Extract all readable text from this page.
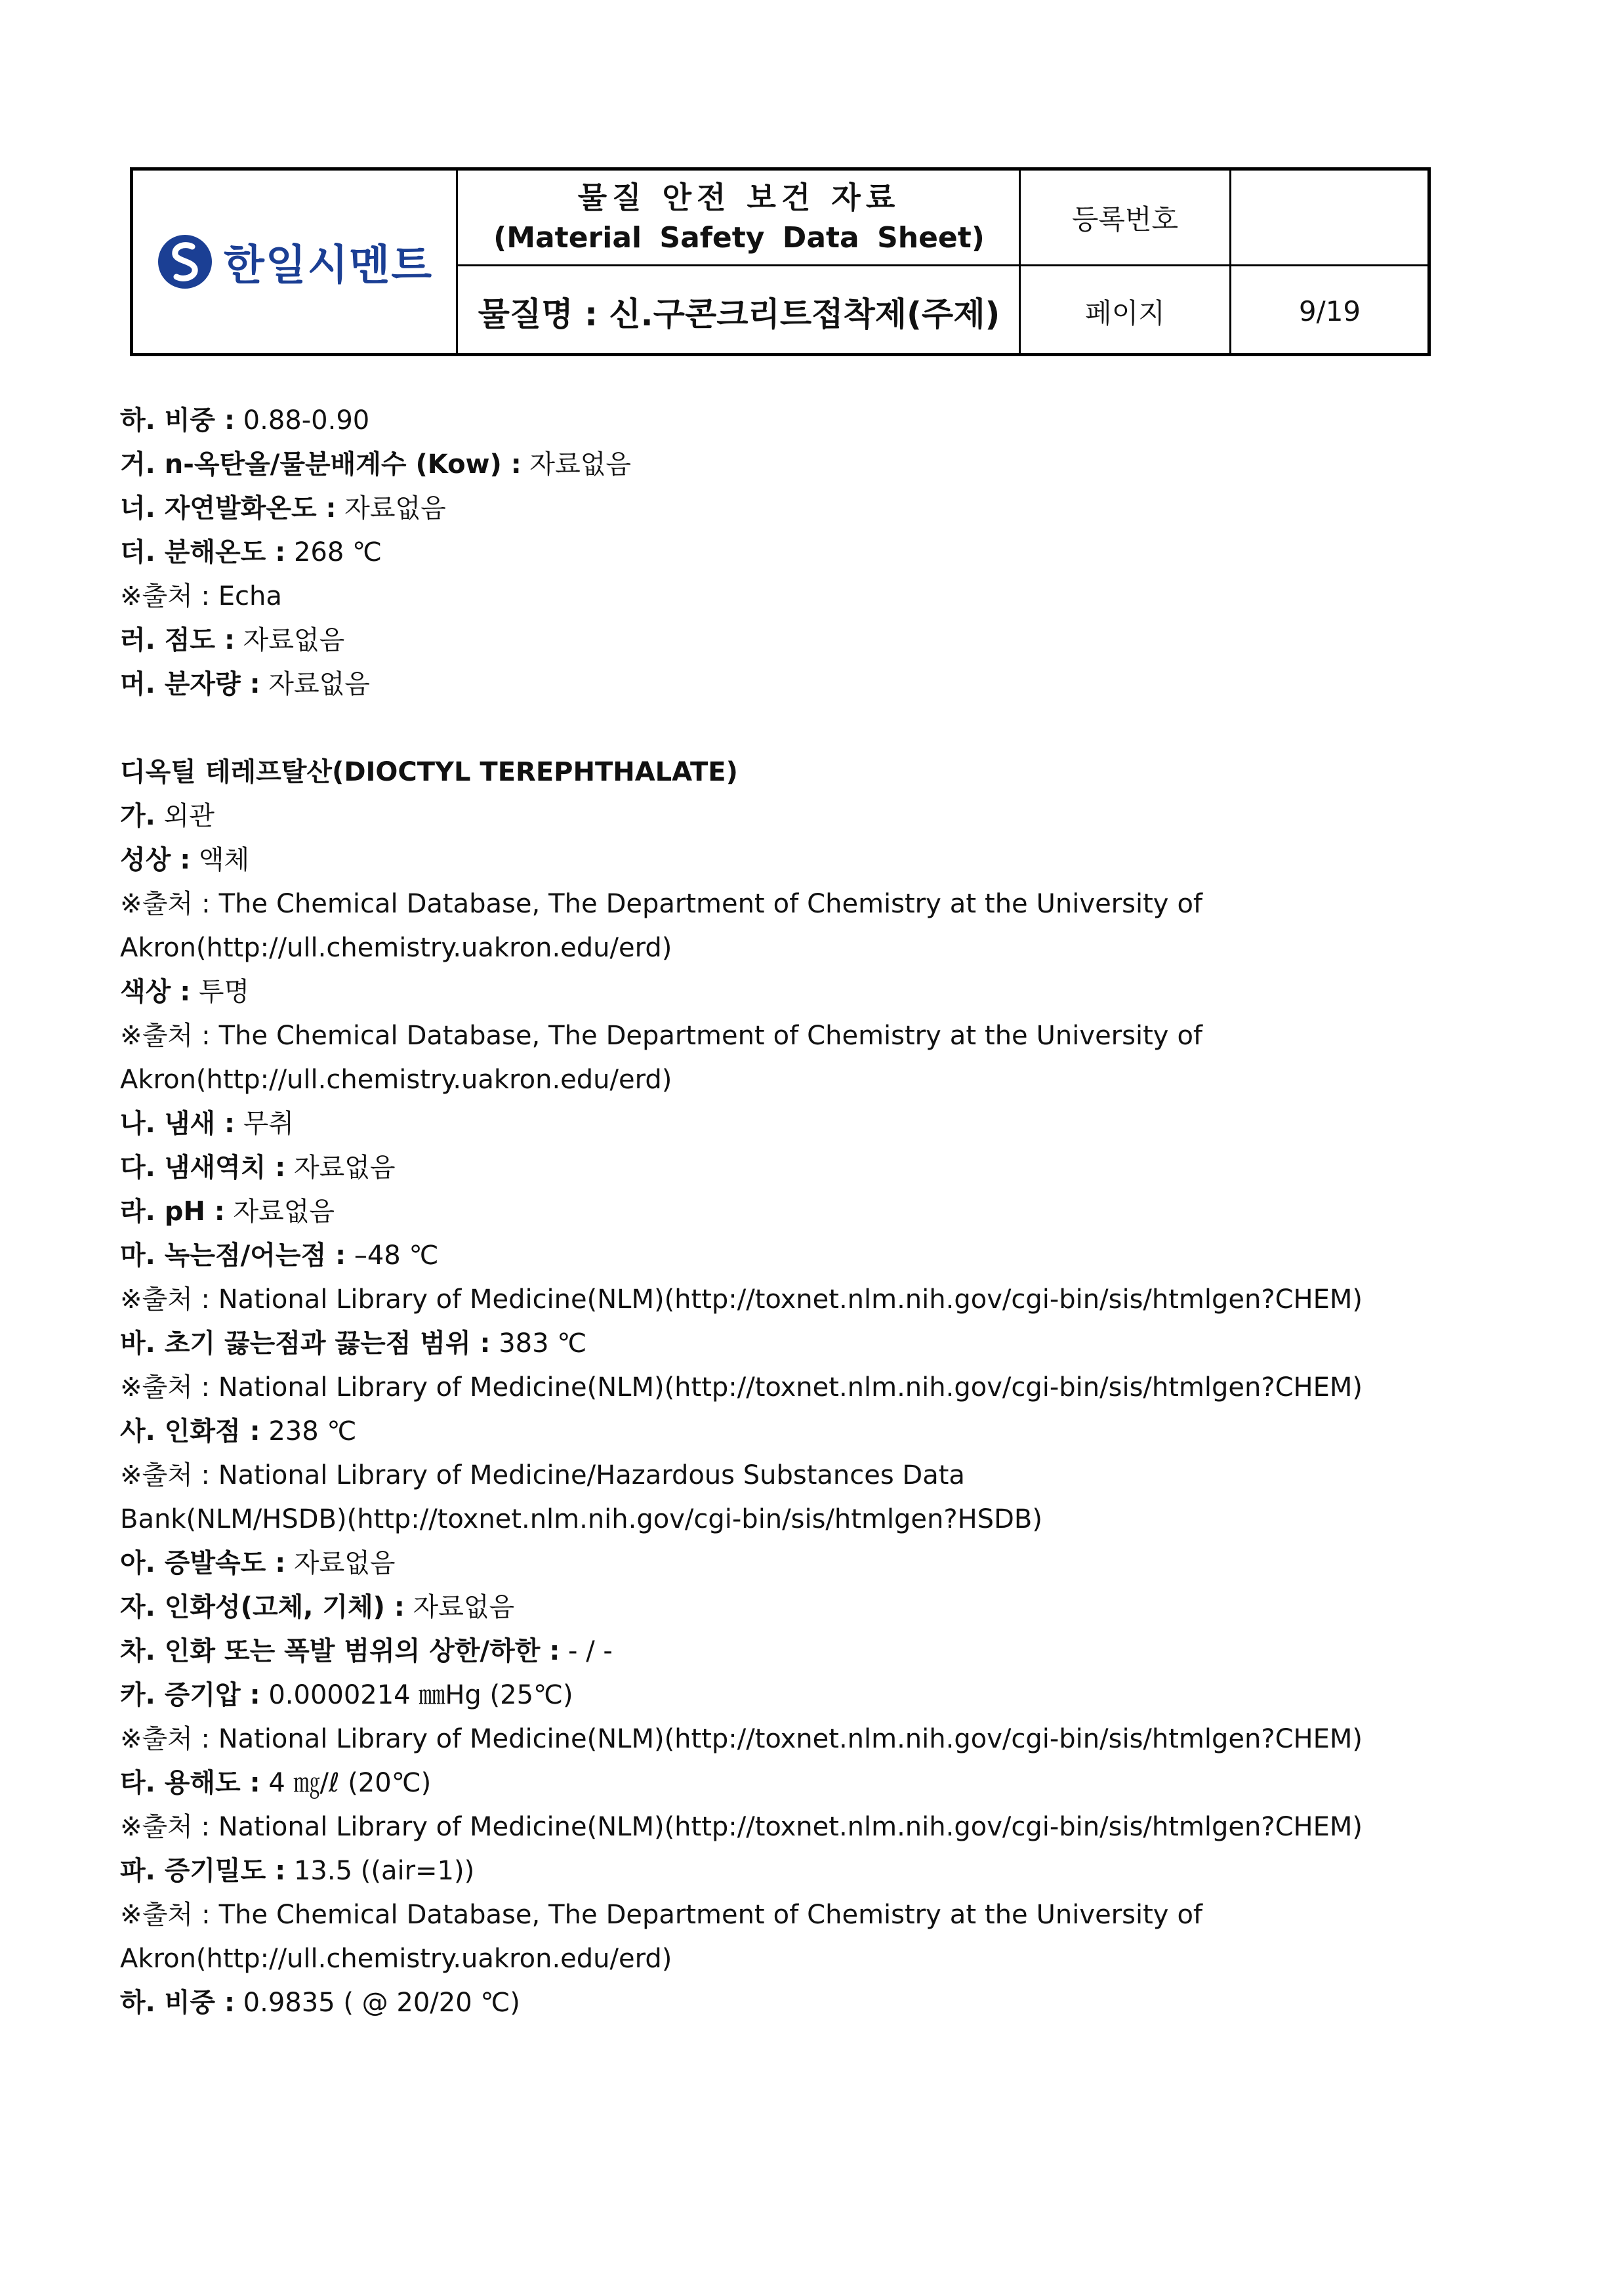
한일시멘트
물질 안전 보건 자료
(Material Safety Data Sheet)
물질명 : 신.구콘크리트접착제(주제)
등록번호
페이지	9/19
하. 비중 : 0.88-0.90
거. n-옥탄올/물분배계수 (Kow) : 자료없음
너. 자연발화온도 : 자료없음
더. 분해온도 : 268 ℃
※출처 : Echa
러. 점도 : 자료없음
머. 분자량 : 자료없음
디옥틸 테레프탈산(DIOCTYL TEREPHTHALATE)
가. 외관
성상 : 액체
※출처 : The Chemical Database, The Department of Chemistry at the University of
Akron(http://ull.chemistry.uakron.edu/erd)
색상 : 투명
※출처 : The Chemical Database, The Department of Chemistry at the University of
Akron(http://ull.chemistry.uakron.edu/erd)
나. 냄새 : 무취
다. 냄새역치 : 자료없음
라. pH : 자료없음
마. 녹는점/어는점 : –48 ℃
※출처 : National Library of Medicine(NLM)(http://toxnet.nlm.nih.gov/cgi-bin/sis/htmlgen?CHEM)
바. 초기 끓는점과 끓는점 범위 : 383 ℃
※출처 : National Library of Medicine(NLM)(http://toxnet.nlm.nih.gov/cgi-bin/sis/htmlgen?CHEM)
사. 인화점 : 238 ℃
※출처 : National Library of Medicine/Hazardous Substances Data
Bank(NLM/HSDB)(http://toxnet.nlm.nih.gov/cgi-bin/sis/htmlgen?HSDB)
아. 증발속도 : 자료없음
자. 인화성(고체, 기체) : 자료없음
차. 인화 또는 폭발 범위의 상한/하한 : - / -
카. 증기압 : 0.0000214 ㎜Hg (25℃)
※출처 : National Library of Medicine(NLM)(http://toxnet.nlm.nih.gov/cgi-bin/sis/htmlgen?CHEM)
타. 용해도 : 4 ㎎/ℓ (20℃)
※출처 : National Library of Medicine(NLM)(http://toxnet.nlm.nih.gov/cgi-bin/sis/htmlgen?CHEM)
파. 증기밀도 : 13.5 ((air=1))
※출처 : The Chemical Database, The Department of Chemistry at the University of
Akron(http://ull.chemistry.uakron.edu/erd)
하. 비중 : 0.9835 ( @ 20/20 ℃)
